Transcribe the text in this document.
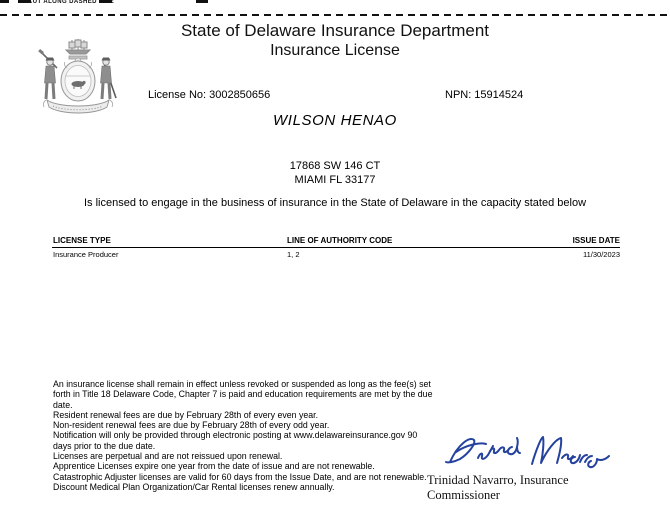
CUT ALONG DASHED LINE
State of Delaware Insurance Department
Insurance License
License No: 3002850656	NPN: 15914524
WILSON HENAO
17868 SW 146 CT
MIAMI FL 33177
Is licensed to engage in the business of insurance in the State of Delaware in the capacity stated below
LICENSE TYPE	LINE OF AUTHORITY CODE	ISSUE DATE
Insurance Producer	1, 2	11/30/2023
An insurance license shall remain in effect unless revoked or suspended as long as the fee(s) set forth in Title 18 Delaware Code, Chapter 7 is paid and education requirements are met by the due date.
Resident renewal fees are due by February 28th of every even year.
Non-resident renewal fees are due by February 28th of every odd year.
Notification will only be provided through electronic posting at www.delawareinsurance.gov 90 days prior to the due date.
Licenses are perpetual and are not reissued upon renewal.
Apprentice Licenses expire one year from the date of issue and are not renewable.
Catastrophic Adjuster licenses are valid for 60 days from the Issue Date, and are not renewable.
Discount Medical Plan Organization/Car Rental licenses renew annually.	Trinidad Navarro, Insurance  Commissioner
